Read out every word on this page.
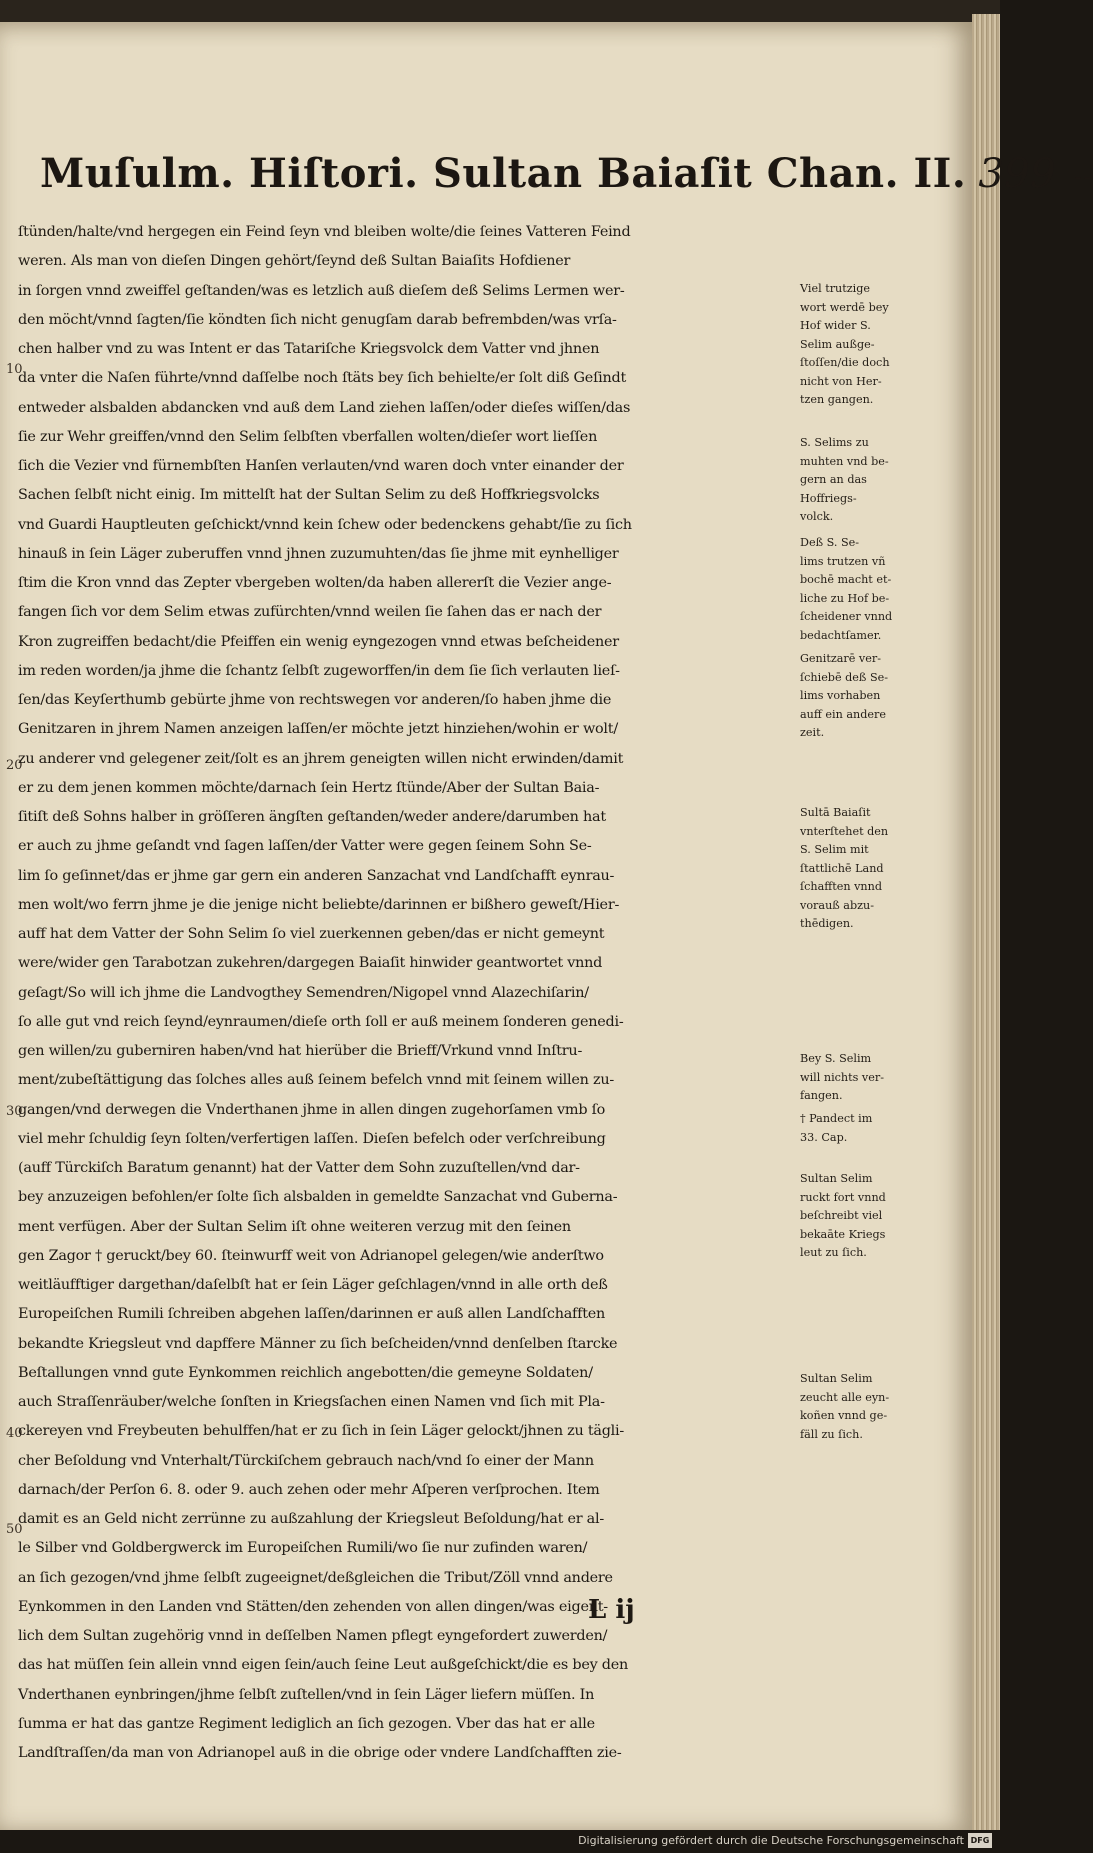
Muſulm. Hiſtori. Sultan Baiaſit Chan. II. 399 --
20
30
40
ſtünden/halte/vnd hergegen ein Feind ſeyn vnd bleiben wolte/die ſeines Vatteren Feind
weren. Als man von dieſen Dingen gehört/ſeynd deß Sultan Baiaſits Hofdiener
in ſorgen vnnd zweiffel geſtanden/was es letzlich auß dieſem deß Selims Lermen wer-
den möcht/vnnd ſagten/ſie köndten ſich nicht genugſam darab befrembden/was vrſa-
chen halber vnd zu was Intent er das Tatariſche Kriegsvolck dem Vatter vnd jhnen
da vnter die Naſen führte/vnnd daſſelbe noch ſtäts bey ſich behielte/er ſolt diß Geſindt
entweder alsbalden abdancken vnd auß dem Land ziehen laſſen/oder dieſes wiſſen/das
ſie zur Wehr greiffen/vnnd den Selim ſelbſten vberfallen wolten/dieſer wort lieſſen
ſich die Vezier vnd fürnembſten Hanſen verlauten/vnd waren doch vnter einander der
Sachen ſelbſt nicht einig. Im mittelſt hat der Sultan Selim zu deß Hoffkriegsvolcks
vnd Guardi Hauptleuten geſchickt/vnnd kein ſchew oder bedenckens gehabt/ſie zu ſich
hinauß in ſein Läger zuberuffen vnnd jhnen zuzumuhten/das ſie jhme mit eynhelliger
ſtim die Kron vnnd das Zepter vbergeben wolten/da haben allererſt die Vezier ange-
fangen ſich vor dem Selim etwas zufürchten/vnnd weilen ſie ſahen das er nach der
Kron zugreiffen bedacht/die Pfeiffen ein wenig eyngezogen vnnd etwas beſcheidener
im reden worden/ja jhme die ſchantz ſelbſt zugeworffen/in dem ſie ſich verlauten lieſ-
ſen/das Keyſerthumb gebürte jhme von rechtswegen vor anderen/ſo haben jhme die
Genitzaren in jhrem Namen anzeigen laſſen/er möchte jetzt hinziehen/wohin er wolt/
zu anderer vnd gelegener zeit/ſolt es an jhrem geneigten willen nicht erwinden/damit
er zu dem jenen kommen möchte/darnach ſein Hertz ſtünde/Aber der Sultan Baia-
ſitiſt deß Sohns halber in gröſſeren ängſten geſtanden/weder andere/darumben hat
er auch zu jhme geſandt vnd ſagen laſſen/der Vatter were gegen ſeinem Sohn Se-
lim ſo geſinnet/das er jhme gar gern ein anderen Sanzachat vnd Landſchafft eynrau-
men wolt/wo ferrn jhme je die jenige nicht beliebte/darinnen er bißhero geweſt/Hier-
auff hat dem Vatter der Sohn Selim ſo viel zuerkennen geben/das er nicht gemeynt
were/wider gen Tarabotzan zukehren/dargegen Baiaſit hinwider geantwortet vnnd
geſagt/So will ich jhme die Landvogthey Semendren/Nigopel vnnd Alazechiſarin/
ſo alle gut vnd reich ſeynd/eynraumen/dieſe orth ſoll er auß meinem ſonderen genedi-
gen willen/zu guberniren haben/vnd hat hierüber die Brieff/Vrkund vnnd Inſtru-
ment/zubeſtättigung das ſolches alles auß ſeinem befelch vnnd mit ſeinem willen zu-
gangen/vnd derwegen die Vnderthanen jhme in allen dingen zugehorſamen vmb ſo
viel mehr ſchuldig ſeyn ſolten/verfertigen laſſen. Dieſen befelch oder verſchreibung
(auff Türckiſch Baratum genannt) hat der Vatter dem Sohn zuzuſtellen/vnd dar-
bey anzuzeigen befohlen/er ſolte ſich alsbalden in gemeldte Sanzachat vnd Guberna-
ment verfügen. Aber der Sultan Selim iſt ohne weiteren verzug mit den ſeinen
gen Zagor † geruckt/bey 60. ſteinwurff weit von Adrianopel gelegen/wie anderſtwo
weitläufftiger dargethan/daſelbſt hat er ſein Läger geſchlagen/vnnd in alle orth deß
Europeiſchen Rumili ſchreiben abgehen laſſen/darinnen er auß allen Landſchafften
bekandte Kriegsleut vnd dapffere Männer zu ſich beſcheiden/vnnd denſelben ſtarcke
Beſtallungen vnnd gute Eynkommen reichlich angebotten/die gemeyne Soldaten/
auch Straſſenräuber/welche ſonſten in Kriegsſachen einen Namen vnd ſich mit Pla-
ckereyen vnd Freybeuten behulffen/hat er zu ſich in ſein Läger gelockt/jhnen zu tägli-
cher Beſoldung vnd Vnterhalt/Türckiſchem gebrauch nach/vnd ſo einer der Mann
darnach/der Perſon 6. 8. oder 9. auch zehen oder mehr Aſperen verſprochen. Item
damit es an Geld nicht zerrünne zu außzahlung der Kriegsleut Beſoldung/hat er al-
le Silber vnd Goldbergwerck im Europeiſchen Rumili/wo ſie nur zufinden waren/
an ſich gezogen/vnd jhme ſelbſt zugeeignet/deßgleichen die Tribut/Zöll vnnd andere
Eynkommen in den Landen vnd Stätten/den zehenden von allen dingen/was eigent-
lich dem Sultan zugehörig vnnd in deſſelben Namen pflegt eyngefordert zuwerden/
das hat müſſen ſein allein vnnd eigen ſein/auch ſeine Leut außgeſchickt/die es bey den
Vnderthanen eynbringen/jhme ſelbſt zuſtellen/vnd in ſein Läger liefern müſſen. In
ſumma er hat das gantze Regiment lediglich an ſich gezogen. Vber das hat er alle
Landſtraſſen/da man von Adrianopel auß in die obrige oder vndere Landſchafften zie-
Viel trutzige
wort werdē bey
Hof wider S.
Selim außge-
ſtoſſen/die doch
nicht von Her-
tzen gangen.
S. Selims zu
muhten vnd be-
gern an das
Hoffriegs-
volck.
Deß S. Se-
lims trutzen vñ
bochē macht et-
liche zu Hof be-
ſcheidener vnnd
bedachtſamer.
Genitzarē ver-
ſchiebē deß Se-
lims vorhaben
auff ein andere
zeit.
Sultā Baiaſit
vnterſtehet den
S. Selim mit
ſtattlichē Land
ſchafften vnnd
vorauß abzu-
thēdigen.
Bey S. Selim
will nichts ver-
fangen.
† Pandect im
33. Cap.
Sultan Selim
ruckt fort vnnd
beſchreibt viel
bekaāte Kriegs
leut zu ſich.
Sultan Selim
zeucht alle eyn-
koñen vnnd ge-
fäll zu ſich.
L ij
10
50
Digitalisierung gefördert durch die Deutsche Forschungsgemeinschaft DFG
